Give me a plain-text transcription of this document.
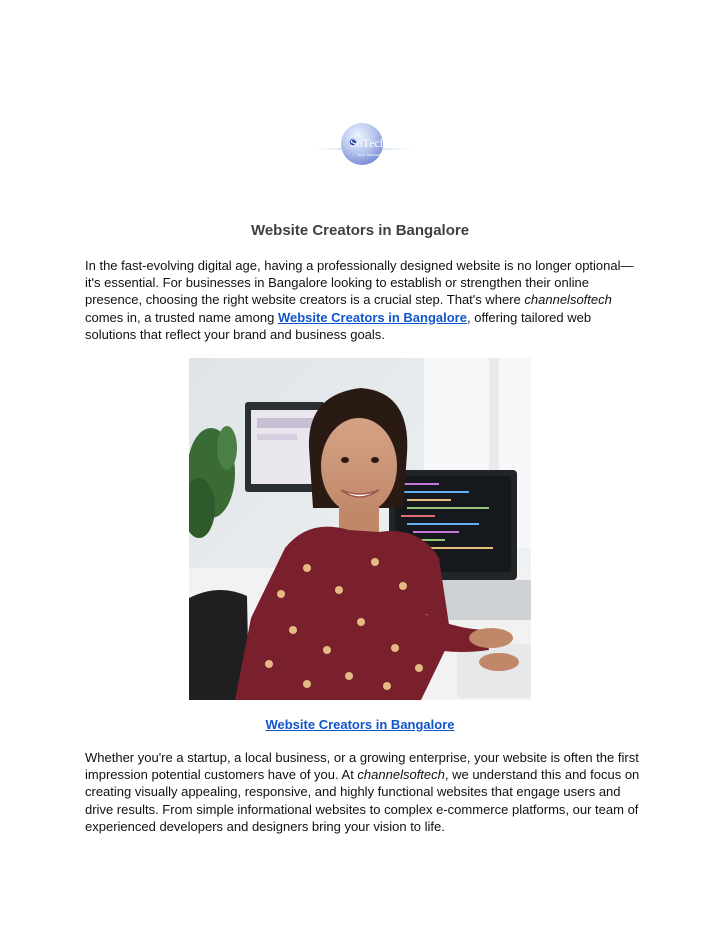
SoTech
Your Technology
Website Creators in Bangalore

In the fast-evolving digital age, having a professionally designed website is no longer optional—it's essential. For businesses in Bangalore looking to establish or strengthen their online presence, choosing the right website creators is a crucial step. That's where channelsoftech comes in, a trusted name among Website Creators in Bangalore, offering tailored web solutions that reflect your brand and business goals.

Website Creators in Bangalore

Whether you're a startup, a local business, or a growing enterprise, your website is often the first impression potential customers have of you. At channelsoftech, we understand this and focus on creating visually appealing, responsive, and highly functional websites that engage users and drive results. From simple informational websites to complex e-commerce platforms, our team of experienced developers and designers bring your vision to life.
